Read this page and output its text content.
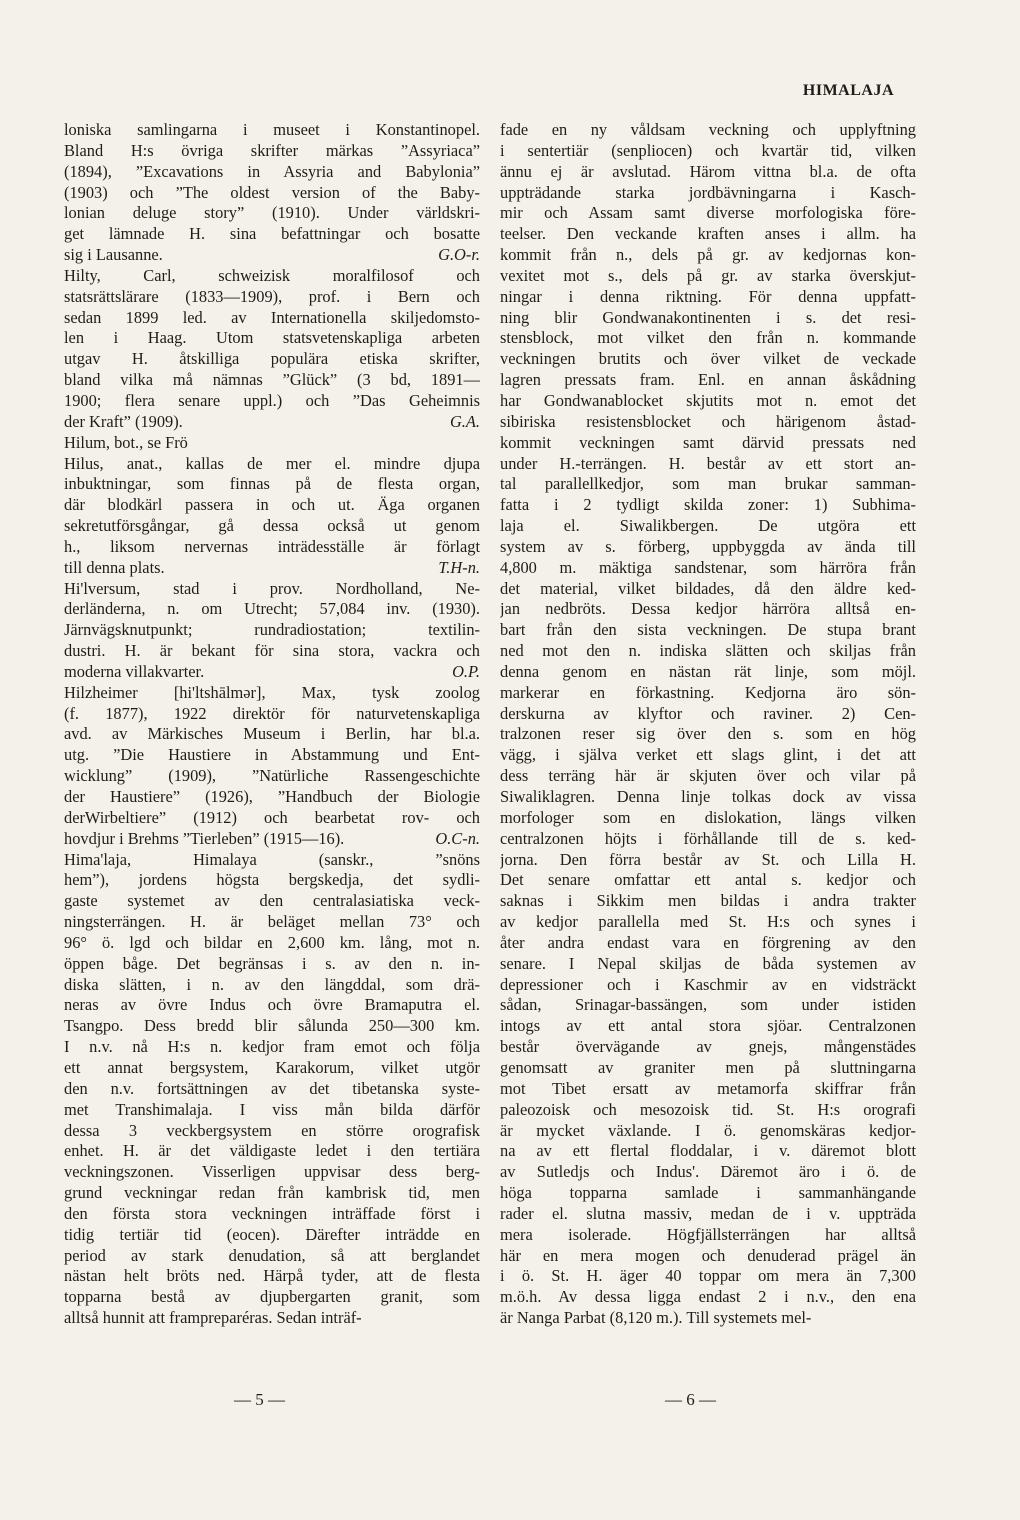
HIMALAJA
loniska samlingarna i museet i Konstantinopel.
Bland H:s övriga skrifter märkas ”Assyriaca”
(1894), ”Excavations in Assyria and Babylonia”
(1903) och ”The oldest version of the Baby-
lonian deluge story” (1910). Under världskri-
get lämnade H. sina befattningar och bosatte
sig i Lausanne.	G.O-r.
Hilty, Carl, schweizisk moralfilosof och
statsrättslärare (1833—1909), prof. i Bern och
sedan 1899 led. av Internationella skiljedomsto-
len i Haag. Utom statsvetenskapliga arbeten
utgav H. åtskilliga populära etiska skrifter,
bland vilka må nämnas ”Glück” (3 bd, 1891—
1900; flera senare uppl.) och ”Das Geheimnis
der Kraft” (1909).	G.A.
Hilum, bot., se Frö
Hilus, anat., kallas de mer el. mindre djupa
inbuktningar, som finnas på de flesta organ,
där blodkärl passera in och ut. Äga organen
sekretutförsgångar, gå dessa också ut genom
h., liksom nervernas inträdesställe är förlagt
till denna plats.	T.H-n.
Hi'lversum, stad i prov. Nordholland, Ne-
derländerna, n. om Utrecht; 57,084 inv. (1930).
Järnvägsknutpunkt; rundradiostation; textilin-
dustri. H. är bekant för sina stora, vackra och
moderna villakvarter.	O.P.
Hilzheimer [hi'ltshālmər], Max, tysk zoolog
(f. 1877), 1922 direktör för naturvetenskapliga
avd. av Märkisches Museum i Berlin, har bl.a.
utg. ”Die Haustiere in Abstammung und Ent-
wicklung” (1909), ”Natürliche Rassengeschichte
der Haustiere” (1926), ”Handbuch der Biologie
derWirbeltiere” (1912) och bearbetat rov- och
hovdjur i Brehms ”Tierleben” (1915—16).	O.C-n.
Hima'laja, Himalaya (sanskr., ”snöns
hem”), jordens högsta bergskedja, det sydli-
gaste systemet av den centralasiatiska veck-
ningsterrängen. H. är beläget mellan 73° och
96° ö. lgd och bildar en 2,600 km. lång, mot n.
öppen båge. Det begränsas i s. av den n. in-
diska slätten, i n. av den längddal, som drä-
neras av övre Indus och övre Bramaputra el.
Tsangpo. Dess bredd blir sålunda 250—300 km.
I n.v. nå H:s n. kedjor fram emot och följa
ett annat bergsystem, Karakorum, vilket utgör
den n.v. fortsättningen av det tibetanska syste-
met Transhimalaja. I viss mån bilda därför
dessa 3 veckbergsystem en större orografisk
enhet. H. är det väldigaste ledet i den tertiära
veckningszonen. Visserligen uppvisar dess berg-
grund veckningar redan från kambrisk tid, men
den första stora veckningen inträffade först i
tidig tertiär tid (eocen). Därefter inträdde en
period av stark denudation, så att berglandet
nästan helt bröts ned. Härpå tyder, att de flesta
topparna bestå av djupbergarten granit, som
alltså hunnit att frampreparéras. Sedan inträf-
fade en ny våldsam veckning och upplyftning
i sentertiär (senpliocen) och kvartär tid, vilken
ännu ej är avslutad. Härom vittna bl.a. de ofta
uppträdande starka jordbävningarna i Kasch-
mir och Assam samt diverse morfologiska före-
teelser. Den veckande kraften anses i allm. ha
kommit från n., dels på gr. av kedjornas kon-
vexitet mot s., dels på gr. av starka överskjut-
ningar i denna riktning. För denna uppfatt-
ning blir Gondwanakontinenten i s. det resi-
stensblock, mot vilket den från n. kommande
veckningen brutits och över vilket de veckade
lagren pressats fram. Enl. en annan åskådning
har Gondwanablocket skjutits mot n. emot det
sibiriska resistensblocket och härigenom åstad-
kommit veckningen samt därvid pressats ned
under H.-terrängen. H. består av ett stort an-
tal parallellkedjor, som man brukar samman-
fatta i 2 tydligt skilda zoner: 1) Subhima-
laja el. Siwalikbergen. De utgöra ett
system av s. förberg, uppbyggda av ända till
4,800 m. mäktiga sandstenar, som härröra från
det material, vilket bildades, då den äldre ked-
jan nedbröts. Dessa kedjor härröra alltså en-
bart från den sista veckningen. De stupa brant
ned mot den n. indiska slätten och skiljas från
denna genom en nästan rät linje, som möjl.
markerar en förkastning. Kedjorna äro sön-
derskurna av klyftor och raviner. 2) Cen-
tralzonen reser sig över den s. som en hög
vägg, i själva verket ett slags glint, i det att
dess terräng här är skjuten över och vilar på
Siwaliklagren. Denna linje tolkas dock av vissa
morfologer som en dislokation, längs vilken
centralzonen höjts i förhållande till de s. ked-
jorna. Den förra består av St. och Lilla H.
Det senare omfattar ett antal s. kedjor och
saknas i Sikkim men bildas i andra trakter
av kedjor parallella med St. H:s och synes i
åter andra endast vara en förgrening av den
senare. I Nepal skiljas de båda systemen av
depressioner och i Kaschmir av en vidsträckt
sådan, Srinagar-bassängen, som under istiden
intogs av ett antal stora sjöar. Centralzonen
består övervägande av gnejs, mångenstädes
genomsatt av graniter men på sluttningarna
mot Tibet ersatt av metamorfa skiffrar från
paleozoisk och mesozoisk tid. St. H:s orografi
är mycket växlande. I ö. genomskäras kedjor-
na av ett flertal floddalar, i v. däremot blott
av Sutledjs och Indus'. Däremot äro i ö. de
höga topparna samlade i sammanhängande
rader el. slutna massiv, medan de i v. uppträda
mera isolerade. Högfjällsterrängen har alltså
här en mera mogen och denuderad prägel än
i ö. St. H. äger 40 toppar om mera än 7,300
m.ö.h. Av dessa ligga endast 2 i n.v., den ena
är Nanga Parbat (8,120 m.). Till systemets mel-
— 5 —	— 6 —
